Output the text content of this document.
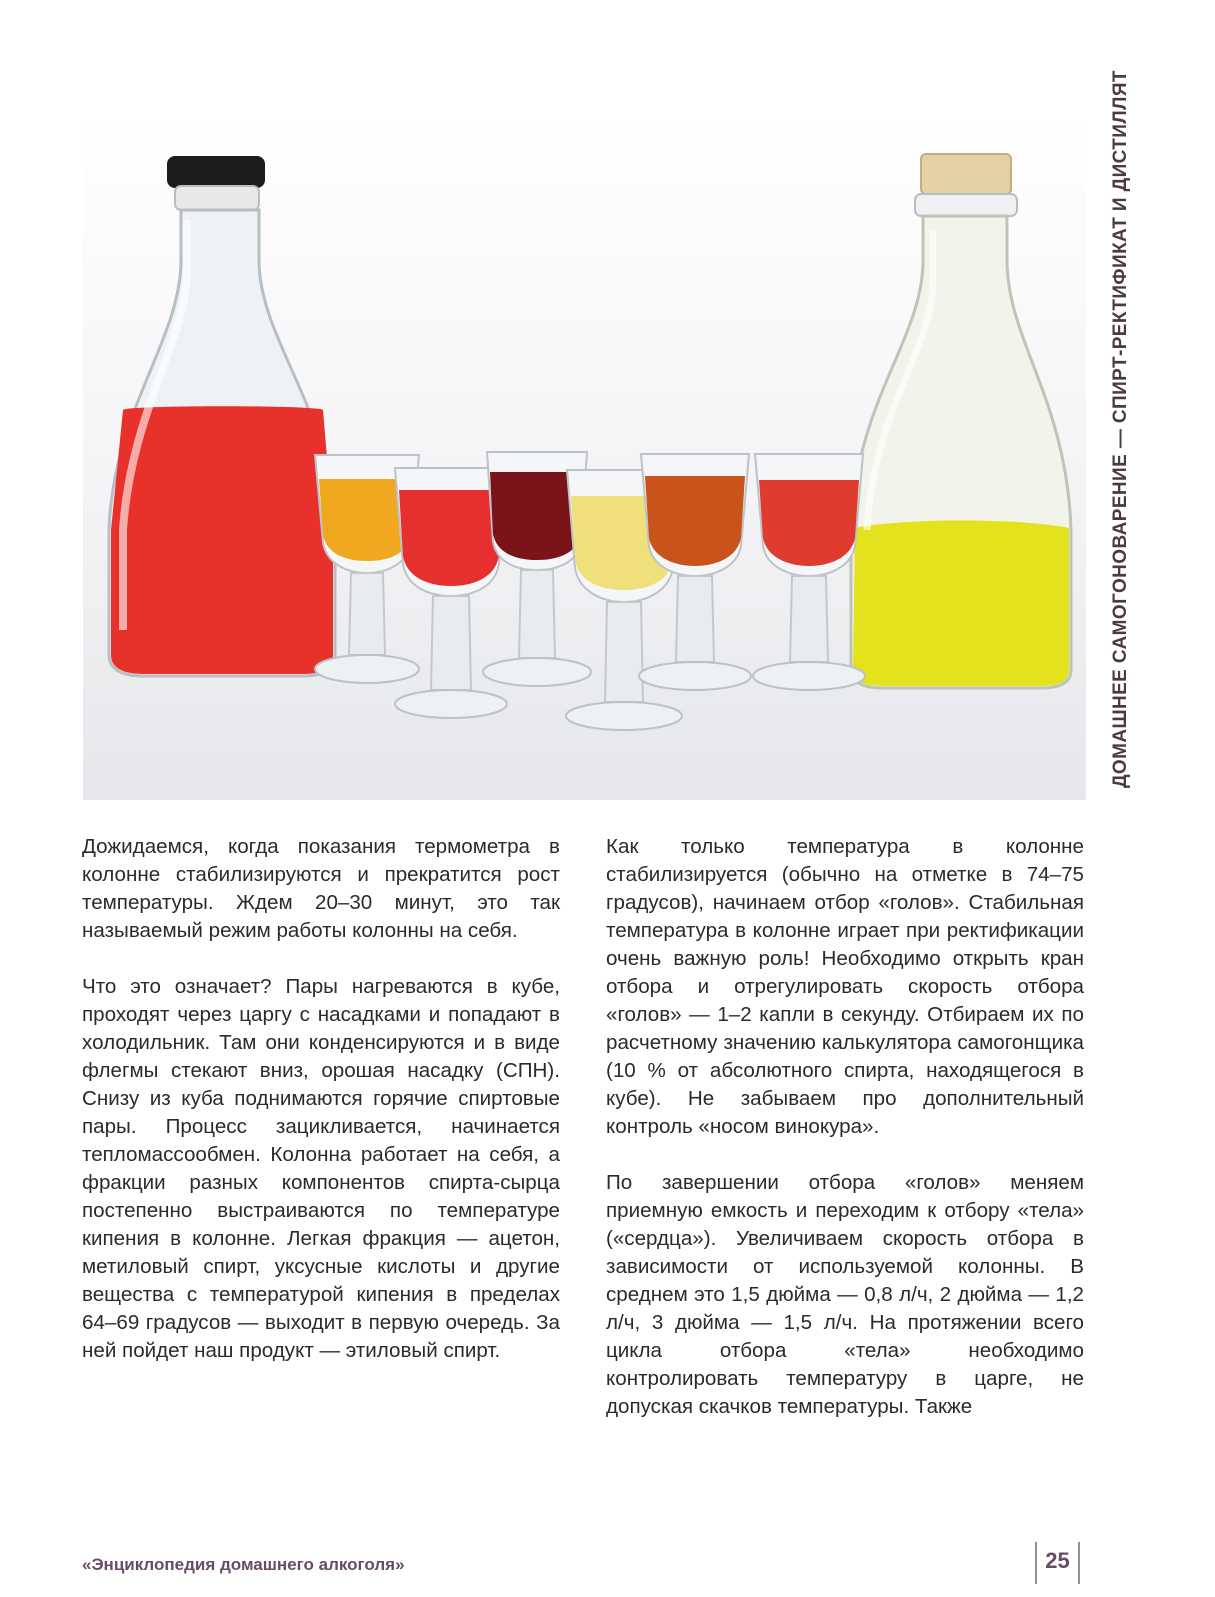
ДОМАШНЕЕ САМОГОНОВАРЕНИЕ — СПИРТ-РЕКТИФИКАТ И ДИСТИЛЛЯТ

Дожидаемся, когда показания термометра в колонне стабилизируются и прекратится рост температуры. Ждем 20–30 минут, это так называемый режим работы колонны на себя.

Что это означает? Пары нагреваются в кубе, проходят через царгу с насадками и попадают в холодильник. Там они конденсируются и в виде флегмы стекают вниз, орошая насадку (СПН). Снизу из куба поднимаются горячие спиртовые пары. Процесс зацикливается, начинается тепломассообмен. Колонна работает на себя, а фракции разных компонентов спирта-сырца постепенно выстраиваются по температуре кипения в колонне. Легкая фракция — ацетон, метиловый спирт, уксусные кислоты и другие вещества с температурой кипения в пределах 64–69 градусов — выходит в первую очередь. За ней пойдет наш продукт — этиловый спирт.

Как только температура в колонне стабилизируется (обычно на отметке в 74–75 градусов), начинаем отбор «голов». Стабильная температура в колонне играет при ректификации очень важную роль! Необходимо открыть кран отбора и отрегулировать скорость отбора «голов» — 1–2 капли в секунду. Отбираем их по расчетному значению калькулятора самогонщика (10 % от абсолютного спирта, находящегося в кубе). Не забываем про дополнительный контроль «носом винокура».

По завершении отбора «голов» меняем приемную емкость и переходим к отбору «тела» («сердца»). Увеличиваем скорость отбора в зависимости от используемой колонны. В среднем это 1,5 дюйма — 0,8 л/ч, 2 дюйма — 1,2 л/ч, 3 дюйма — 1,5 л/ч. На протяжении всего цикла отбора «тела» необходимо контролировать температуру в царге, не допуская скачков температуры. Также

«Энциклопедия домашнего алкоголя»	25
